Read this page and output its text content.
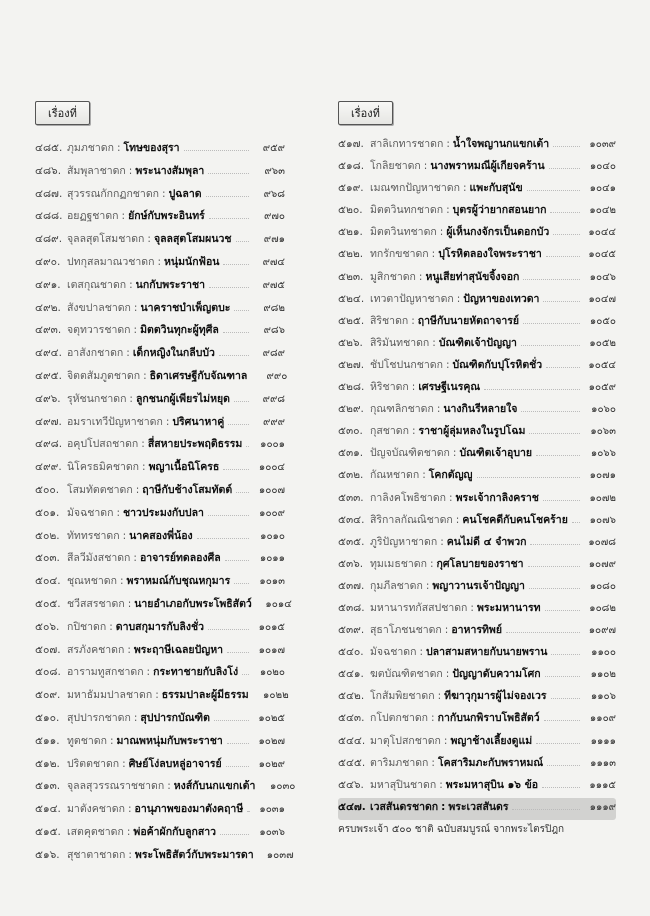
เรื่องที่
๔๘๕. ภุมภชาดก : โทษของสุรา	๙๕๙
๔๘๖. สัมพุลาชาดก : พระนางสัมพุลา	๙๖๓
๔๘๗. สุวรรณกักกฏกชาดก : ปูฉลาด	๙๖๘
๔๘๘. อยฏฐชาดก : ยักษ์กับพระอินทร์	๙๗๐
๔๘๙. จุลลสุตโสมชาดก : จุลลสุตโสมผนวช	๙๗๑
๔๙๐. ปทกุสลมาณวชาดก : หนุ่มนักฟ้อน	๙๗๔
๔๙๑. เตสกุณชาดก : นกกับพระราชา	๙๗๕
๔๙๒. สังขปาลชาดก : นาคราชบำเพ็ญตบะ	๙๘๒
๔๙๓. จตุทวารชาดก : มิตตวินทุกะผู้ทุศีล	๙๘๖
๔๙๔. อาสังกชาดก : เด็กหญิงในกลีบบัว	๙๘๙
๔๙๕. จิตตสัมภูตชาดก : ธิดาเศรษฐีกับจัณฑาล	๙๙๐
๔๙๖. รุหัชนกชาดก : ลูกชนกผู้เพียรไม่หยุด	๙๙๘
๔๙๗. อมราเทวีปัญหาชาดก : ปริศนาหาคู่	๙๙๙
๔๙๘. อคุปโปสถชาดก : สี่สหายประพฤติธรรม	๑๐๐๑
๔๙๙. นิโครธมิคชาดก : พญาเนื้อนิโครธ	๑๐๐๔
๕๐๐. โสมทัตตชาดก : ฤาษีกับช้างโสมทัตต์	๑๐๐๗
๕๐๑. มัจฉชาดก : ชาวประมงกับปลา	๑๐๐๙
๕๐๒. ทัททรชาดก : นาคสองพี่น้อง	๑๐๑๐
๕๐๓. สีลวีมังสชาดก : อาจารย์ทดลองศีล	๑๐๑๑
๕๐๔. ชุณหชาดก : พราหมณ์กับชุณหกุมาร	๑๐๑๓
๕๐๕. ชวีสสรชาดก : นายอำเภอกับพระโพธิสัตว์	๑๐๑๔
๕๐๖. กปิชาดก : ดาบสกุมารกับลิงชั่ว	๑๐๑๕
๕๐๗. สรภังคชาดก : พระฤาษีเฉลยปัญหา	๑๐๑๗
๕๐๘. อารามทูสกชาดก : กระทาชายกับลิงโง่	๑๐๒๐
๕๐๙. มหาธัมมปาลชาดก : ธรรมปาละผู้มีธรรม	๑๐๒๒
๕๑๐. สุปปารกชาดก : สุปปารกบัณฑิต	๑๐๒๕
๕๑๑. ทูตชาดก : มาณพหนุ่มกับพระราชา	๑๐๒๗
๕๑๒. ปริตตชาดก : ศิษย์โง่ลบหลู่อาจารย์	๑๐๒๙
๕๑๓. จุลลสุวรรณราชชาดก : หงส์กับนกแขกเต้า	๑๐๓๐
๕๑๔. มาตังคชาดก : อานุภาพของมาตังคฤาษี	๑๐๓๑
๕๑๕. เสตคุตชาดก : พ่อค้าผักกับลูกสาว	๑๐๓๖
๕๑๖. สุชาตาชาดก : พระโพธิสัตว์กับพระมารดา	๑๐๓๗
เรื่องที่
๕๑๗. สาลิเกทารชาดก : น้ำใจพญานกแขกเต้า	๑๐๓๙
๕๑๘. โกลิยชาดก : นางพราหมณีผู้เกียจคร้าน	๑๐๔๐
๕๑๙. เมณฑกปัญหาชาดก : แพะกับสุนัข	๑๐๔๑
๕๒๐. มิตตวินทกชาดก : บุตรผู้ว่ายากสอนยาก	๑๐๔๒
๕๒๑. มิตตวินทชาดก : ผู้เห็นกงจักรเป็นดอกบัว	๑๐๔๔
๕๒๒. ทกรักขชาดก : ปุโรหิตลองใจพระราชา	๑๐๔๕
๕๒๓. มูสิกชาดก : หนูเสียท่าสุนัขจิ้งจอก	๑๐๔๖
๕๒๔. เทวตาปัญหาชาดก : ปัญหาของเทวดา	๑๐๔๗
๕๒๕. สิริชาดก : ฤาษีกับนายหัตถาจารย์	๑๐๕๐
๕๒๖. สิริมันทชาดก : บัณฑิตเจ้าปัญญา	๑๐๕๒
๕๒๗. ชัปโชปนกชาดก : บัณฑิตกับปุโรหิตชั่ว	๑๐๕๔
๕๒๘. หิริชาดก : เศรษฐีเนรคุณ	๑๐๕๙
๕๒๙. กุณฑลิกชาดก : นางกินรีหลายใจ	๑๐๖๐
๕๓๐. กุสชาดก : ราชาผู้ลุ่มหลงในรูปโฉม	๑๐๖๓
๕๓๑. ปัญจบัณฑิตชาดก : บัณฑิตเจ้าอุบาย	๑๐๖๖
๕๓๒. กัณหชาดก : โคกตัญญู	๑๐๗๑
๕๓๓. กาลิงคโพธิชาดก : พระเจ้ากาลิงคราช	๑๐๗๒
๕๓๔. สิริกาลกัณณิชาดก : คนโชคดีกับคนโชคร้าย	๑๐๗๖
๕๓๕. ภูริปัญหาชาดก : คนไม่ดี ๔ จำพวก	๑๐๗๘
๕๓๖. ทุมเมธชาดก : กุศโลบายของราชา	๑๐๗๙
๕๓๗. กุมภีลชาดก : พญาวานรเจ้าปัญญา	๑๐๘๐
๕๓๘. มหานารทกัสสปชาดก : พระมหานารท	๑๐๘๒
๕๓๙. สุธาโภชนชาดก : อาหารทิพย์	๑๐๙๗
๕๔๐. มัจฉชาดก : ปลาสามสหายกับนายพราน	๑๑๐๐
๕๔๑. ฆตบัณฑิตชาดก : ปัญญาดับความโศก	๑๑๐๒
๕๔๒. โกสัมพิยชาดก : ทีฆาวุกุมารผู้ไม่จองเวร	๑๑๐๖
๕๔๓. กโปตกชาดก : กากับนกพิราบโพธิสัตว์	๑๑๐๙
๕๔๔. มาตุโปสกชาดก : พญาช้างเลี้ยงดูแม่	๑๑๑๑
๕๔๕. ตาริมภชาดก : โคสาริมภะกับพราหมณ์	๑๑๑๓
๕๔๖. มหาสุปินชาดก : พระมหาสุบิน ๑๖ ข้อ	๑๑๑๕
๕๔๗. เวสสันดรชาดก : พระเวสสันดร	๑๑๑๙
ครบพระเจ้า ๕๐๐ ชาติ ฉบับสมบูรณ์ จากพระไตรปิฎก
